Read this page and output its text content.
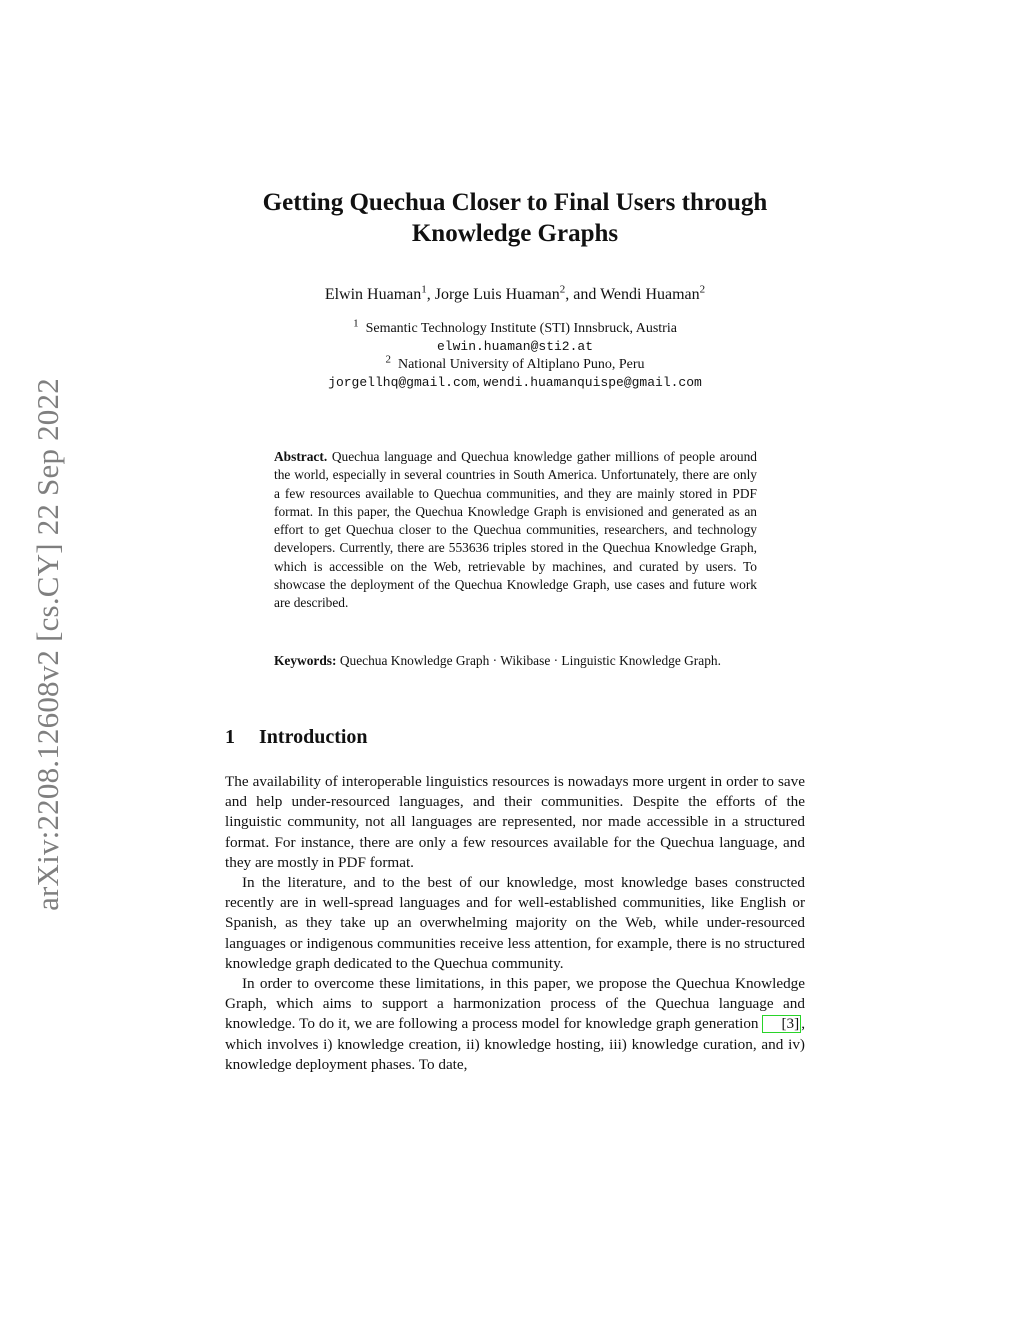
arXiv:2208.12608v2 [cs.CY] 22 Sep 2022
Getting Quechua Closer to Final Users through
Knowledge Graphs
Elwin Huaman$^1$, Jorge Luis Huaman$^2$, and Wendi Huaman$^2$
$^1$ Semantic Technology Institute (STI) Innsbruck, Austria
elwin.huaman@sti2.at
$^2$ National University of Altiplano Puno, Peru
jorgellhq@gmail.com, wendi.huamanquispe@gmail.com
Abstract. Quechua language and Quechua knowledge gather millions of people around the world, especially in several countries in South America. Unfortunately, there are only a few resources available to Quechua communities, and they are mainly stored in PDF format. In this paper, the Quechua Knowledge Graph is envisioned and generated as an effort to get Quechua closer to the Quechua communities, researchers, and technology developers. Currently, there are 553636 triples stored in the Quechua Knowledge Graph, which is accessible on the Web, retrievable by machines, and curated by users. To showcase the deployment of the Quechua Knowledge Graph, use cases and future work are described.
Keywords: Quechua Knowledge Graph · Wikibase · Linguistic Knowledge Graph.
1 Introduction

The availability of interoperable linguistics resources is nowadays more urgent in order to save and help under-resourced languages, and their communities. Despite the efforts of the linguistic community, not all languages are represented, nor made accessible in a structured format. For instance, there are only a few resources available for the Quechua language, and they are mostly in PDF format.

In the literature, and to the best of our knowledge, most knowledge bases constructed recently are in well-spread languages and for well-established communities, like English or Spanish, as they take up an overwhelming majority on the Web, while under-resourced languages or indigenous communities receive less attention, for example, there is no structured knowledge graph dedicated to the Quechua community.

In order to overcome these limitations, in this paper, we propose the Quechua Knowledge Graph, which aims to support a harmonization process of the Quechua language and knowledge. To do it, we are following a process model for knowledge graph generation [3] , which involves i) knowledge creation, ii) knowledge hosting, iii) knowledge curation, and iv) knowledge deployment phases. To date,
